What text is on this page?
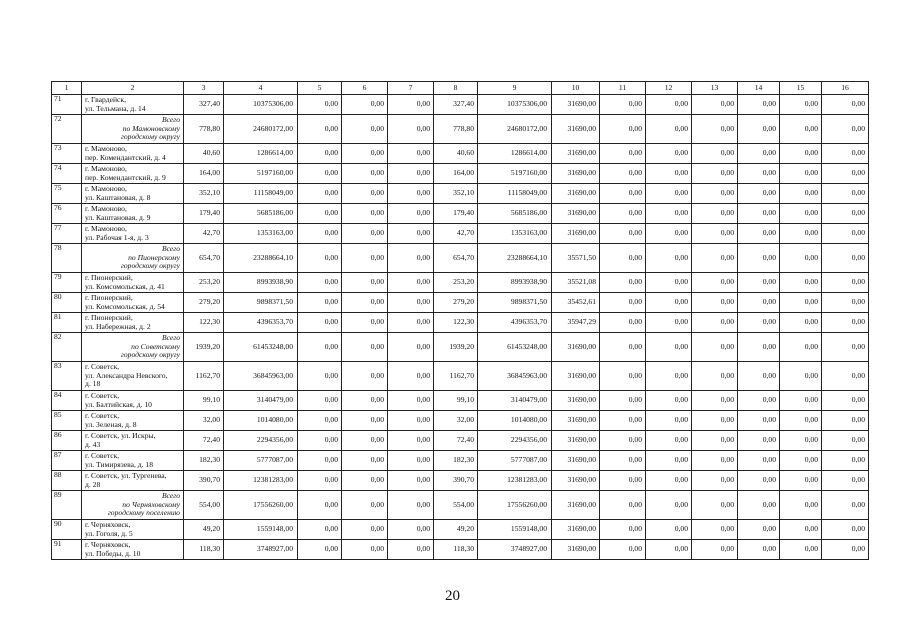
1	2	3	4	5	6	7	8	9	10	11	12	13	14	15	16
71	г. Гвардейск,
ул. Тельмана, д. 14	327,40	10375306,00	0,00	0,00	0,00	327,40	10375306,00	31690,00	0,00	0,00	0,00	0,00	0,00	0,00
72	Всего
по Мамоновскому
городскому округу	778,80	24680172,00	0,00	0,00	0,00	778,80	24680172,00	31690,00	0,00	0,00	0,00	0,00	0,00	0,00
73	г. Мамоново,
пер. Комендантский, д. 4	40,60	1286614,00	0,00	0,00	0,00	40,60	1286614,00	31690,00	0,00	0,00	0,00	0,00	0,00	0,00
74	г. Мамоново,
пер. Комендантский, д. 9	164,00	5197160,00	0,00	0,00	0,00	164,00	5197160,00	31690,00	0,00	0,00	0,00	0,00	0,00	0,00
75	г. Мамоново,
ул. Каштановая, д. 8	352,10	11158049,00	0,00	0,00	0,00	352,10	11158049,00	31690,00	0,00	0,00	0,00	0,00	0,00	0,00
76	г. Мамоново,
ул. Каштановая, д. 9	179,40	5685186,00	0,00	0,00	0,00	179,40	5685186,00	31690,00	0,00	0,00	0,00	0,00	0,00	0,00
77	г. Мамоново,
ул. Рабочая 1-я, д. 3	42,70	1353163,00	0,00	0,00	0,00	42,70	1353163,00	31690,00	0,00	0,00	0,00	0,00	0,00	0,00
78	Всего
по Пионерскому
городскому округу	654,70	23288664,10	0,00	0,00	0,00	654,70	23288664,10	35571,50	0,00	0,00	0,00	0,00	0,00	0,00
79	г. Пионерский,
ул. Комсомольская, д. 41	253,20	8993938,90	0,00	0,00	0,00	253,20	8993938,90	35521,08	0,00	0,00	0,00	0,00	0,00	0,00
80	г. Пионерский,
ул. Комсомольская, д. 54	279,20	9898371,50	0,00	0,00	0,00	279,20	9898371,50	35452,61	0,00	0,00	0,00	0,00	0,00	0,00
81	г. Пионерский,
ул. Набережная, д. 2	122,30	4396353,70	0,00	0,00	0,00	122,30	4396353,70	35947,29	0,00	0,00	0,00	0,00	0,00	0,00
82	Всего
по Советскому
городскому округу	1939,20	61453248,00	0,00	0,00	0,00	1939,20	61453248,00	31690,00	0,00	0,00	0,00	0,00	0,00	0,00
83	г. Советск,
ул. Александра Невского,
д. 18	1162,70	36845963,00	0,00	0,00	0,00	1162,70	36845963,00	31690,00	0,00	0,00	0,00	0,00	0,00	0,00
84	г. Советск,
ул. Балтийская, д. 10	99,10	3140479,00	0,00	0,00	0,00	99,10	3140479,00	31690,00	0,00	0,00	0,00	0,00	0,00	0,00
85	г. Советск,
ул. Зеленая, д. 8	32,00	1014080,00	0,00	0,00	0,00	32,00	1014080,00	31690,00	0,00	0,00	0,00	0,00	0,00	0,00
86	г. Советск, ул. Искры,
д. 43	72,40	2294356,00	0,00	0,00	0,00	72,40	2294356,00	31690,00	0,00	0,00	0,00	0,00	0,00	0,00
87	г. Советск,
ул. Тимирязева, д. 18	182,30	5777087,00	0,00	0,00	0,00	182,30	5777087,00	31690,00	0,00	0,00	0,00	0,00	0,00	0,00
88	г. Советск, ул. Тургенева,
д. 28	390,70	12381283,00	0,00	0,00	0,00	390,70	12381283,00	31690,00	0,00	0,00	0,00	0,00	0,00	0,00
89	Всего
по Черняховскому
городскому поселению	554,00	17556260,00	0,00	0,00	0,00	554,00	17556260,00	31690,00	0,00	0,00	0,00	0,00	0,00	0,00
90	г. Черняховск,
ул. Гоголя, д. 5	49,20	1559148,00	0,00	0,00	0,00	49,20	1559148,00	31690,00	0,00	0,00	0,00	0,00	0,00	0,00
91	г. Черняховск,
ул. Победы, д. 10	118,30	3748927,00	0,00	0,00	0,00	118,30	3748927,00	31690,00	0,00	0,00	0,00	0,00	0,00	0,00
20
